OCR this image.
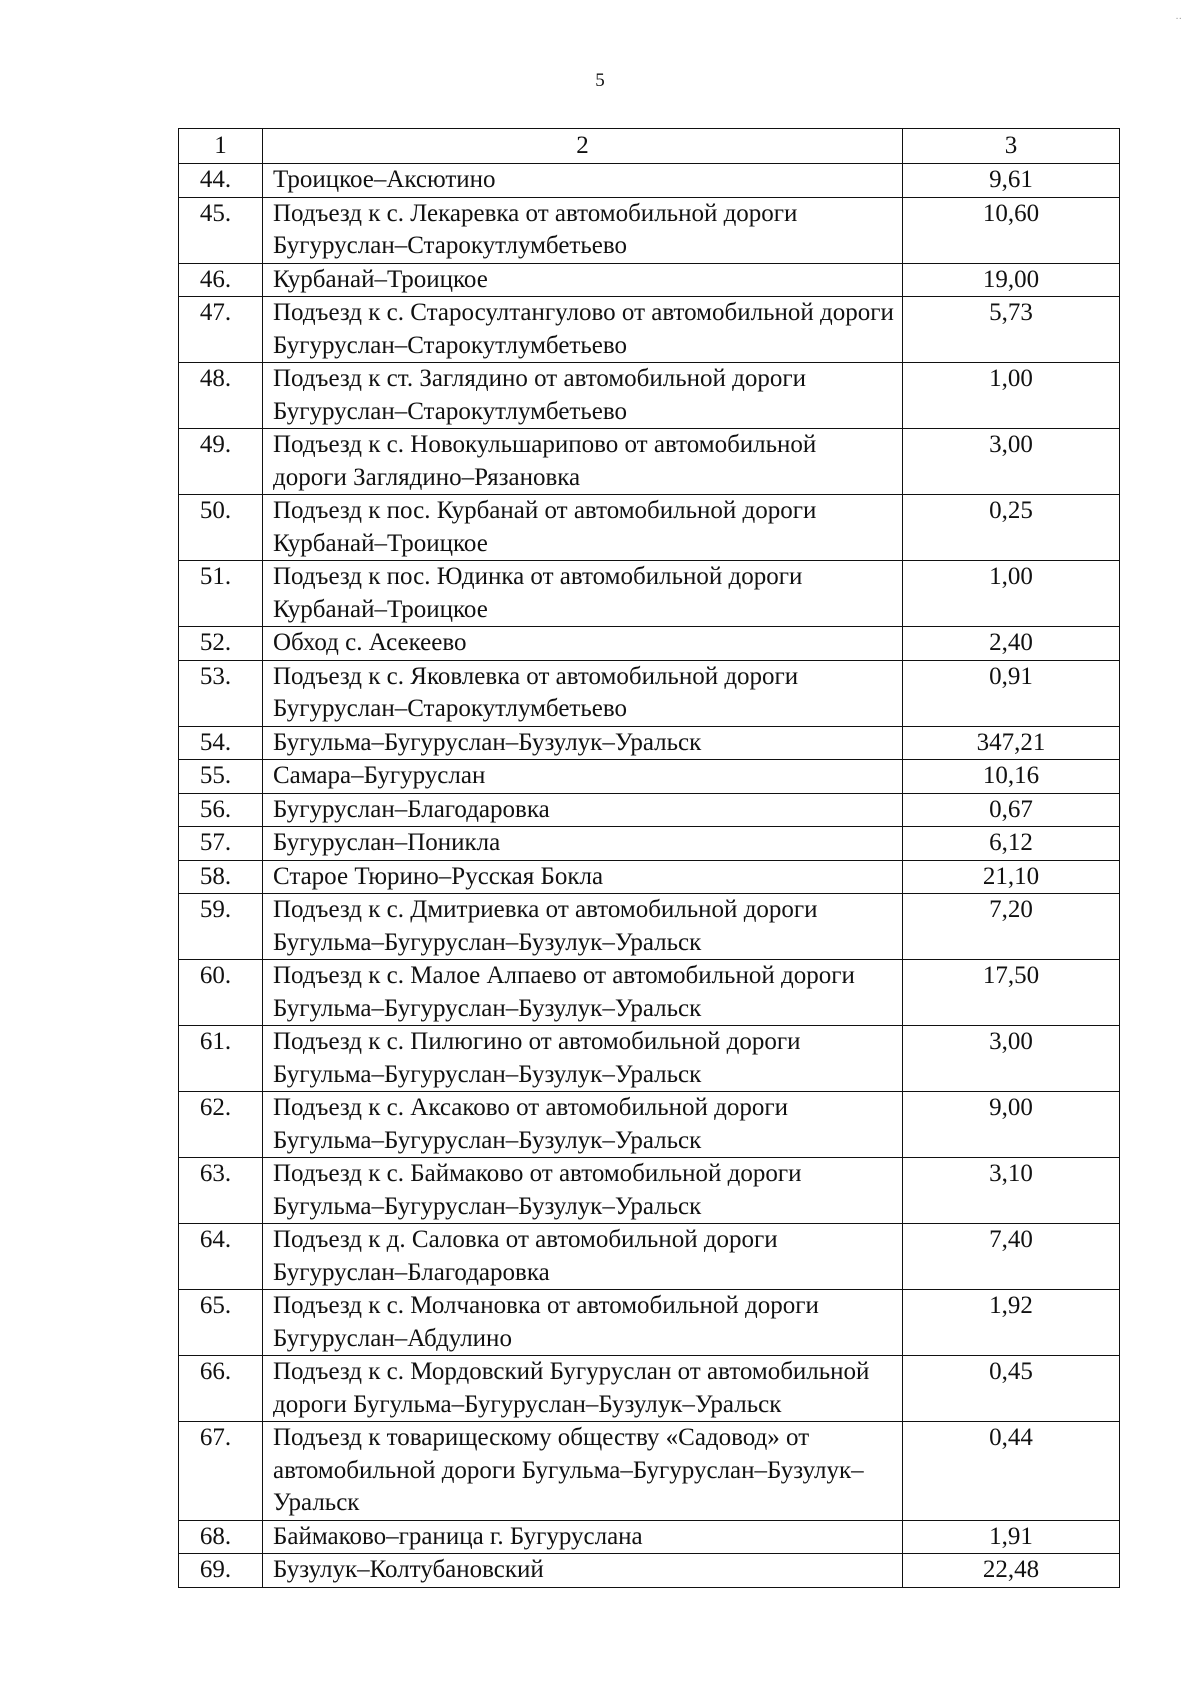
··
5
1	2	3
44.	Троицкое–Аксютино	9,61
45.	Подъезд к с. Лекаревка от автомобильной дороги Бугуруслан–Старокутлумбетьево	10,60
46.	Курбанай–Троицкое	19,00
47.	Подъезд к с. Старосултангулово от автомобильной дороги Бугуруслан–Старокутлумбетьево	5,73
48.	Подъезд к ст. Заглядино от автомобильной дороги Бугуруслан–Старокутлумбетьево	1,00
49.	Подъезд к с. Новокульшарипово от автомобильной дороги Заглядино–Рязановка	3,00
50.	Подъезд к пос. Курбанай от автомобильной дороги Курбанай–Троицкое	0,25
51.	Подъезд к пос. Юдинка от автомобильной дороги Курбанай–Троицкое	1,00
52.	Обход с. Асекеево	2,40
53.	Подъезд к с. Яковлевка от автомобильной дороги Бугуруслан–Старокутлумбетьево	0,91
54.	Бугульма–Бугуруслан–Бузулук–Уральск	347,21
55.	Самара–Бугуруслан	10,16
56.	Бугуруслан–Благодаровка	0,67
57.	Бугуруслан–Поникла	6,12
58.	Старое Тюрино–Русская Бокла	21,10
59.	Подъезд к с. Дмитриевка от автомобильной дороги Бугульма–Бугуруслан–Бузулук–Уральск	7,20
60.	Подъезд к с. Малое Алпаево от автомобильной дороги Бугульма–Бугуруслан–Бузулук–Уральск	17,50
61.	Подъезд к с. Пилюгино от автомобильной дороги Бугульма–Бугуруслан–Бузулук–Уральск	3,00
62.	Подъезд к с. Аксаково от автомобильной дороги Бугульма–Бугуруслан–Бузулук–Уральск	9,00
63.	Подъезд к с. Баймаково от автомобильной дороги Бугульма–Бугуруслан–Бузулук–Уральск	3,10
64.	Подъезд к д. Саловка от автомобильной дороги Бугуруслан–Благодаровка	7,40
65.	Подъезд к с. Молчановка от автомобильной дороги Бугуруслан–Абдулино	1,92
66.	Подъезд к с. Мордовский Бугуруслан от автомобильной дороги Бугульма–Бугуруслан–Бузулук–Уральск	0,45
67.	Подъезд к товарищескому обществу «Садовод» от автомобильной дороги Бугульма–Бугуруслан–Бузулук–Уральск	0,44
68.	Баймаково–граница г. Бугуруслана	1,91
69.	Бузулук–Колтубановский	22,48
